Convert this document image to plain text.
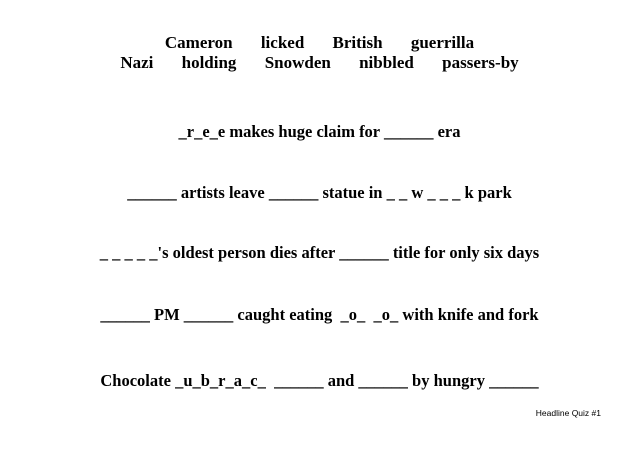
Cameron licked British guerrilla
Nazi holding Snowden nibbled passers-by
_r_e_e makes huge claim for ______ era
______ artists leave ______ statue in _ _ w _ _ _ k park
_ _ _ _ _'s oldest person dies after ______ title for only six days
______ PM ______ caught eating  _o_  _o_ with knife and fork
Chocolate _u_b_r_a_c_  ______ and ______ by hungry ______
Headline Quiz #1
